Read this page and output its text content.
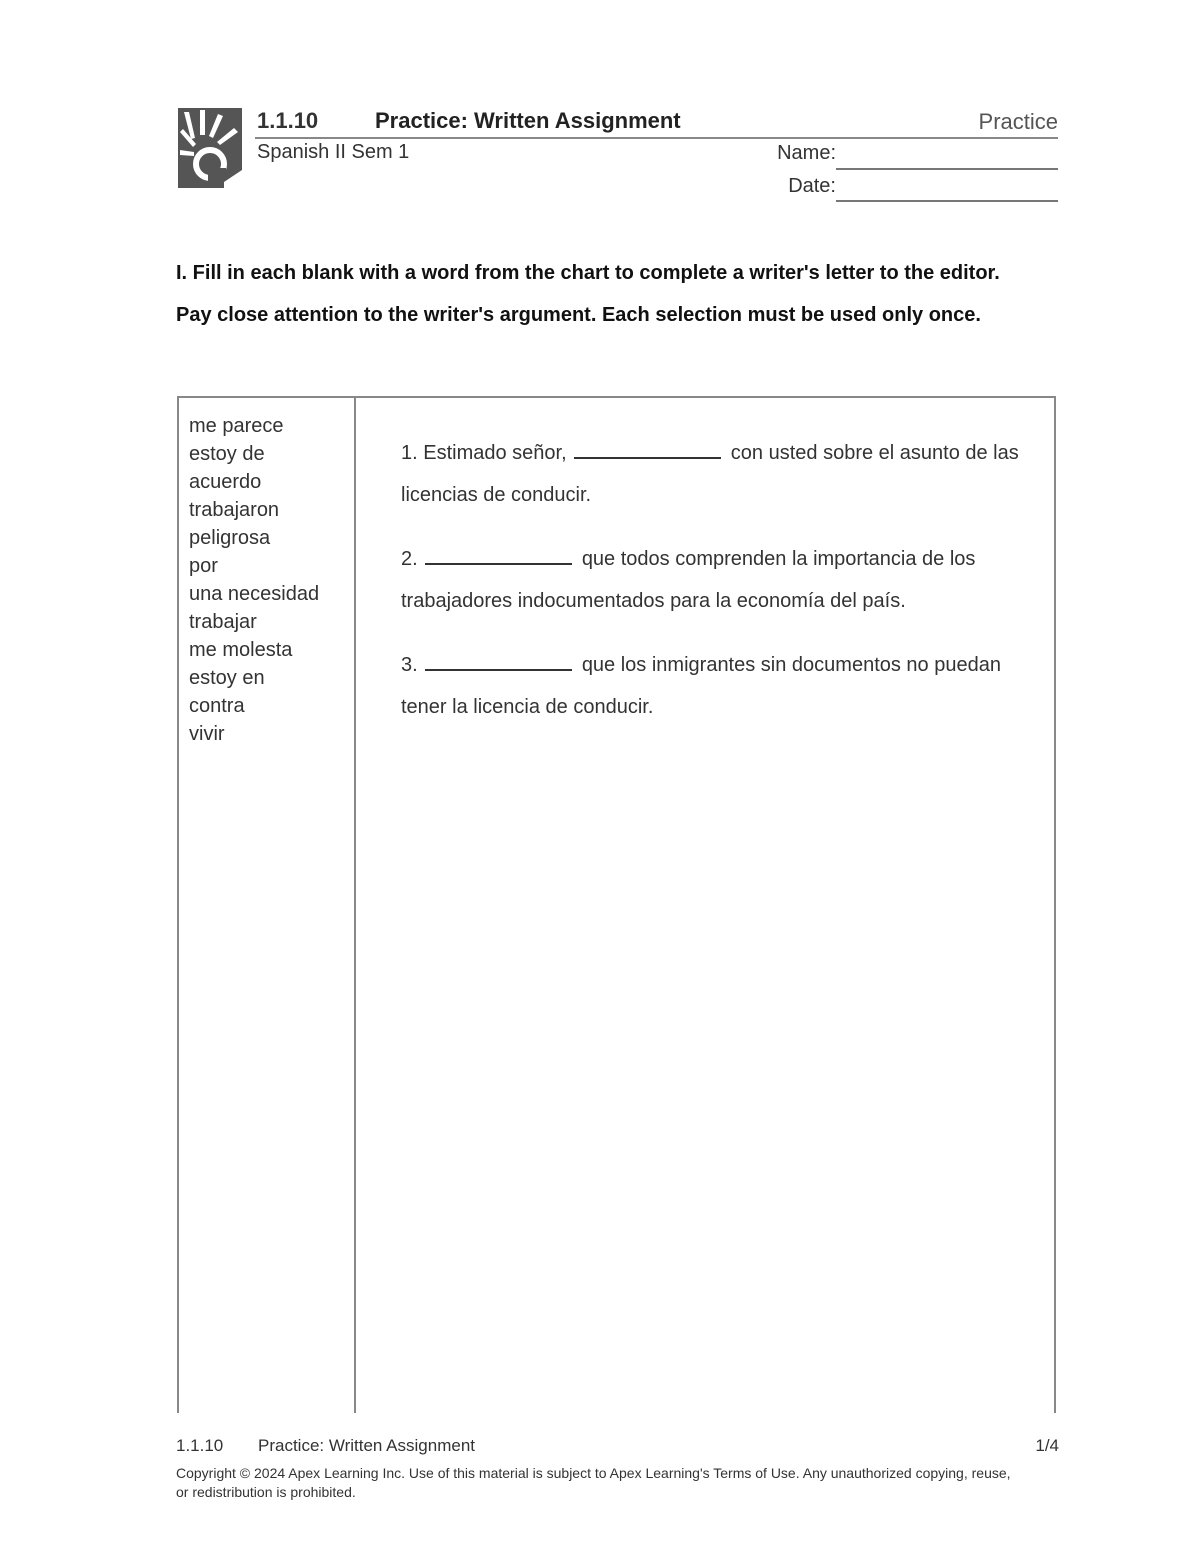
1.1.10	Practice: Written Assignment	Practice
Spanish II Sem 1	Name:
Date:
I. Fill in each blank with a word from the chart to complete a writer's letter to the editor. Pay close attention to the writer's argument. Each selection must be used only once.
me parece
estoy de
acuerdo
trabajaron
peligrosa
por
una necesidad
trabajar
me molesta
estoy en
contra
vivir

1. Estimado señor,	con usted sobre el asunto de las licencias de conducir.

2.	que todos comprenden la importancia de los trabajadores indocumentados para la economía del país.

3.	que los inmigrantes sin documentos no puedan tener la licencia de conducir.

1.1.10 Practice: Written Assignment	1/4
Copyright © 2024 Apex Learning Inc. Use of this material is subject to Apex Learning's Terms of Use. Any unauthorized copying, reuse, or redistribution is prohibited.
